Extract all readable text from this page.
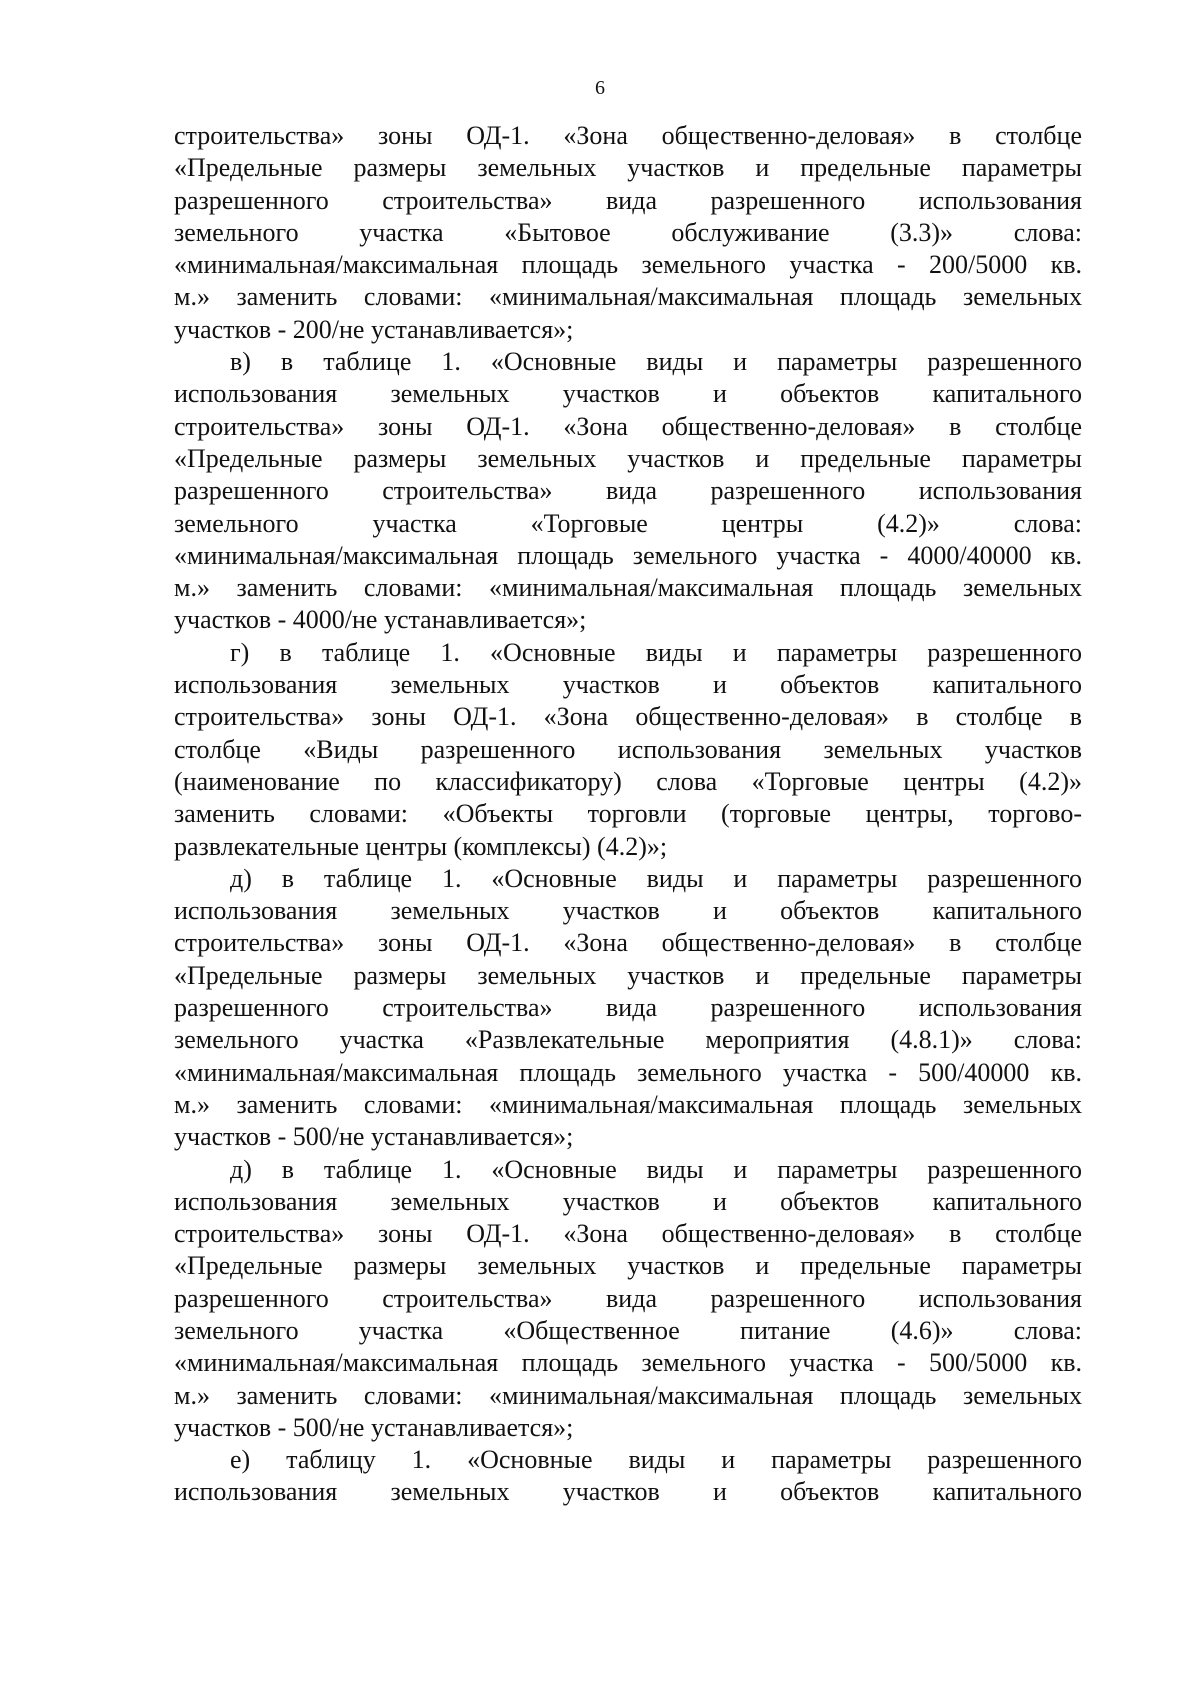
6
строительства» зоны ОД-1. «Зона общественно-деловая» в столбце
«Предельные размеры земельных участков и предельные параметры
разрешенного строительства» вида разрешенного использования
земельного участка «Бытовое обслуживание (3.3)» слова:
«минимальная/максимальная площадь земельного участка - 200/5000 кв.
м.» заменить словами: «минимальная/максимальная площадь земельных
участков - 200/не устанавливается»;
в) в таблице 1. «Основные виды и параметры разрешенного
использования земельных участков и объектов капитального
строительства» зоны ОД-1. «Зона общественно-деловая» в столбце
«Предельные размеры земельных участков и предельные параметры
разрешенного строительства» вида разрешенного использования
земельного участка «Торговые центры (4.2)» слова:
«минимальная/максимальная площадь земельного участка - 4000/40000 кв.
м.» заменить словами: «минимальная/максимальная площадь земельных
участков - 4000/не устанавливается»;
г) в таблице 1. «Основные виды и параметры разрешенного
использования земельных участков и объектов капитального
строительства» зоны ОД-1. «Зона общественно-деловая» в столбце в
столбце «Виды разрешенного использования земельных участков
(наименование по классификатору) слова «Торговые центры (4.2)»
заменить словами: «Объекты торговли (торговые центры, торгово-
развлекательные центры (комплексы) (4.2)»;
д) в таблице 1. «Основные виды и параметры разрешенного
использования земельных участков и объектов капитального
строительства» зоны ОД-1. «Зона общественно-деловая» в столбце
«Предельные размеры земельных участков и предельные параметры
разрешенного строительства» вида разрешенного использования
земельного участка «Развлекательные мероприятия (4.8.1)» слова:
«минимальная/максимальная площадь земельного участка - 500/40000 кв.
м.» заменить словами: «минимальная/максимальная площадь земельных
участков - 500/не устанавливается»;
д) в таблице 1. «Основные виды и параметры разрешенного
использования земельных участков и объектов капитального
строительства» зоны ОД-1. «Зона общественно-деловая» в столбце
«Предельные размеры земельных участков и предельные параметры
разрешенного строительства» вида разрешенного использования
земельного участка «Общественное питание (4.6)» слова:
«минимальная/максимальная площадь земельного участка - 500/5000 кв.
м.» заменить словами: «минимальная/максимальная площадь земельных
участков - 500/не устанавливается»;
е) таблицу 1. «Основные виды и параметры разрешенного
использования земельных участков и объектов капитального
